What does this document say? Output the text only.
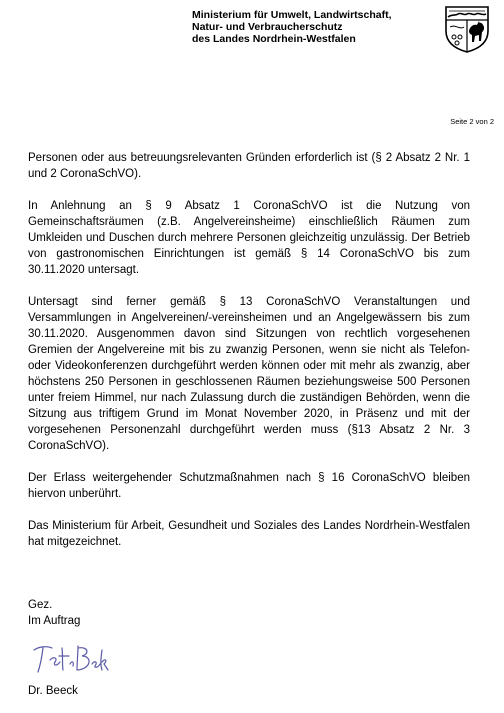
Ministerium für Umwelt, Landwirtschaft,
Natur- und Verbraucherschutz
des Landes Nordrhein-Westfalen
Seite 2 von 2

Personen oder aus betreuungsrelevanten Gründen erforderlich ist (§ 2 Absatz 2 Nr. 1 und 2 CoronaSchVO).

In Anlehnung an § 9 Absatz 1 CoronaSchVO ist die Nutzung von Gemeinschaftsräumen (z.B. Angelvereinsheime) einschließlich Räumen zum Umkleiden und Duschen durch mehrere Personen gleichzeitig unzulässig. Der Betrieb von gastronomischen Einrichtungen ist gemäß § 14 CoronaSchVO bis zum 30.11.2020 untersagt.

Untersagt sind ferner gemäß § 13 CoronaSchVO Veranstaltungen und Versammlungen in Angelvereinen/-vereinsheimen und an Angelgewässern bis zum 30.11.2020. Ausgenommen davon sind Sitzungen von rechtlich vorgesehenen Gremien der Angelvereine mit bis zu zwanzig Personen, wenn sie nicht als Telefon- oder Videokonferenzen durchgeführt werden können oder mit mehr als zwanzig, aber höchstens 250 Personen in geschlossenen Räumen beziehungsweise 500 Personen unter freiem Himmel, nur nach Zulassung durch die zuständigen Behörden, wenn die Sitzung aus triftigem Grund im Monat November 2020, in Präsenz und mit der vorgesehenen Personenzahl durchgeführt werden muss (§13 Absatz 2 Nr. 3 CoronaSchVO).

Der Erlass weitergehender Schutzmaßnahmen nach § 16 CoronaSchVO bleiben hiervon unberührt.

Das Ministerium für Arbeit, Gesundheit und Soziales des Landes Nordrhein-Westfalen hat mitgezeichnet.

Gez.
Im Auftrag
Dr. Beeck
